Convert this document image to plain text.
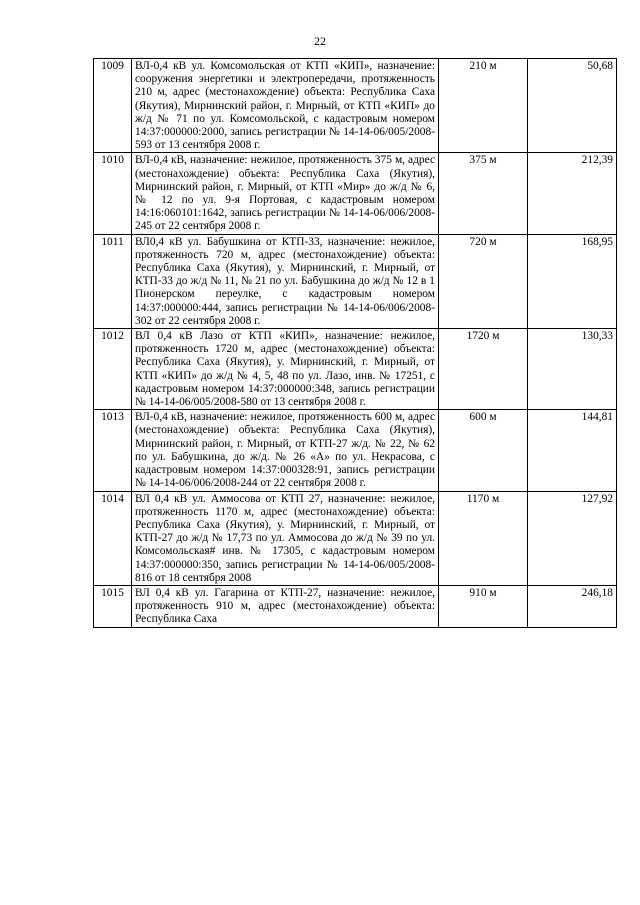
22
1009	ВЛ-0,4 кВ ул. Комсомольская от КТП «КИП», назначение: сооружения энергетики и электропередачи, протяженность 210 м, адрес (местонахождение) объекта: Республика Саха (Якутия), Мирнинский район, г. Мирный, от КТП «КИП» до ж/д № 71 по ул. Комсомольской, с кадастровым номером 14:37:000000:2000, запись регистрации № 14-14-06/005/2008-593 от 13 сентября 2008 г.	210 м	50,68
1010	ВЛ-0,4 кВ, назначение: нежилое, протяженность 375 м, адрес (местонахождение) объекта: Республика Саха (Якутия), Мирнинский район, г. Мирный, от КТП «Мир» до ж/д № 6, № 12 по ул. 9-я Портовая, с кадастровым номером 14:16:060101:1642, запись регистрации № 14-14-06/006/2008-245 от 22 сентября 2008 г.	375 м	212,39
1011	ВЛ0,4 кВ ул. Бабушкина от КТП-33, назначение: нежилое, протяженность 720 м, адрес (местонахождение) объекта: Республика Саха (Якутия), у. Мирнинский, г. Мирный, от КТП-33 до ж/д № 11, № 21 по ул. Бабушкина до ж/д № 12 в 1 Пионерском переулке, с кадастровым номером 14:37:000000:444, запись регистрации № 14-14-06/006/2008-302 от 22 сентября 2008 г.	720 м	168,95
1012	ВЛ 0,4 кВ Лазо от КТП «КИП», назначение: нежилое, протяженность 1720 м, адрес (местонахождение) объекта: Республика Саха (Якутия), у. Мирнинский, г. Мирный, от КТП «КИП» до ж/д № 4, 5, 48 по ул. Лазо, инв. № 17251, с кадастровым номером 14:37:000000:348, запись регистрации № 14-14-06/005/2008-580 от 13 сентября 2008 г.	1720 м	130,33
1013	ВЛ-0,4 кВ, назначение: нежилое, протяженность 600 м, адрес (местонахождение) объекта: Республика Саха (Якутия), Мирнинский район, г. Мирный, от КТП-27 ж/д. № 22, № 62 по ул. Бабушкина, до ж/д. № 26 «А» по ул. Некрасова, с кадастровым номером 14:37:000328:91, запись регистрации № 14-14-06/006/2008-244 от 22 сентября 2008 г.	600 м	144,81
1014	ВЛ 0,4 кВ ул. Аммосова от КТП 27, назначение: нежилое, протяженность 1170 м, адрес (местонахождение) объекта: Республика Саха (Якутия), у. Мирнинский, г. Мирный, от КТП-27 до ж/д № 17,73 по ул. Аммосова до ж/д № 39 по ул. Комсомольская# инв. № 17305, с кадастровым номером 14:37:000000:350, запись регистрации № 14-14-06/005/2008-816 от 18 сентября 2008	1170 м	127,92
1015	ВЛ 0,4 кВ ул. Гагарина от КТП-27, назначение: нежилое, протяженность 910 м, адрес (местонахождение) объекта: Республика Саха	910 м	246,18
